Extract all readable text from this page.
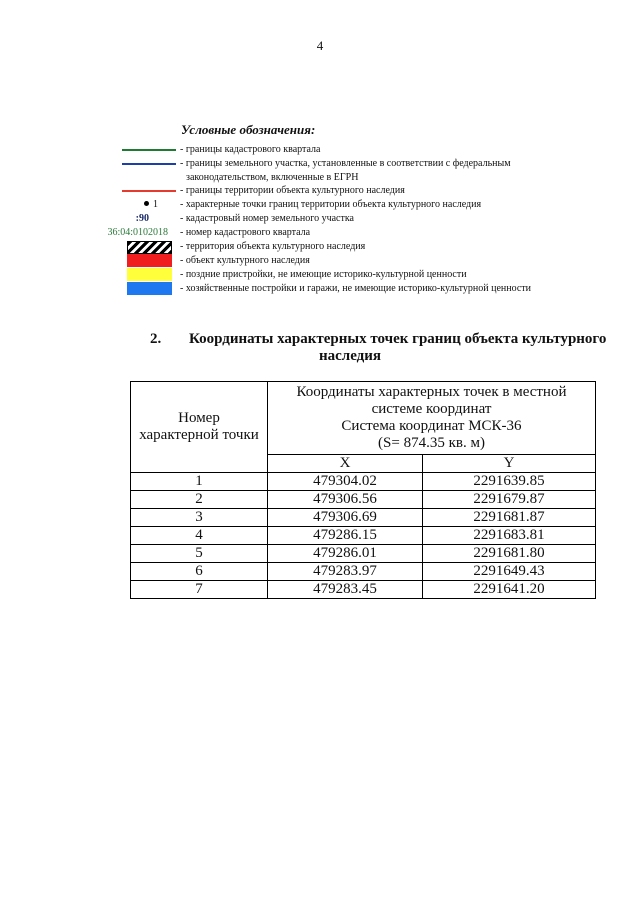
4
Условные обозначения:
- границы кадастрового квартала
- границы земельного участка, установленные в соответствии с федеральным
законодательством, включенные в ЕГРН
- границы территории объекта культурного наследия
1 - характерные точки границ территории объекта культурного наследия
:90	- кадастровый номер земельного участка
36:04:0102018 - номер кадастрового квартала
- территория объекта культурного наследия
- объект культурного наследия
- поздние пристройки, не имеющие историко-культурной ценности
- хозяйственные постройки и гаражи, не имеющие историко-культурной ценности
2. Координаты характерных точек границ объекта культурного
наследия
Номер
характерной точки	Координаты характерных точек в местной
системе координат
Система координат МСК-36
(S= 874.35 кв. м)	

	X	Y
1	479304.02	2291639.85
2	479306.56	2291679.87
3	479306.69	2291681.87
4	479286.15	2291683.81
5	479286.01	2291681.80
6	479283.97	2291649.43
7	479283.45	2291641.20
